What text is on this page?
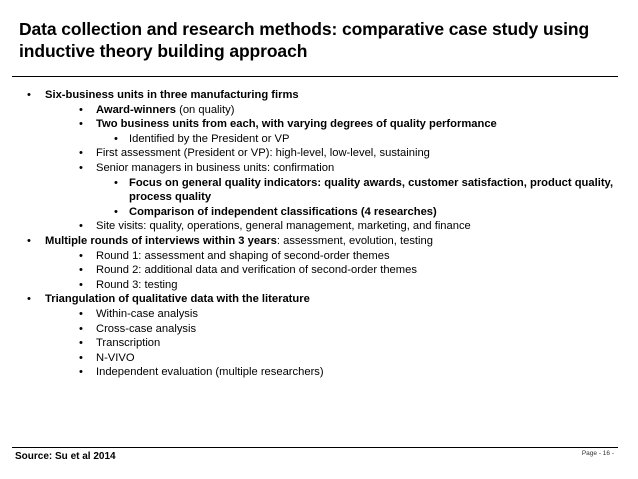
Data collection and research methods: comparative case study using inductive theory building approach
• Six-business units in three manufacturing firms
• Award-winners (on quality)
• Two business units from each, with varying degrees of quality performance
• Identified by the President or VP
• First assessment (President or VP): high-level, low-level, sustaining
• Senior managers in business units: confirmation
• Focus on general quality indicators: quality awards, customer satisfaction, product quality,
process quality
• Comparison of independent classifications (4 researches)
• Site visits: quality, operations, general management, marketing, and finance
• Multiple rounds of interviews within 3 years: assessment, evolution, testing
• Round 1: assessment and shaping of second-order themes
• Round 2: additional data and verification of second-order themes
• Round 3: testing
• Triangulation of qualitative data with the literature
• Within-case analysis
• Cross-case analysis
• Transcription
• N-VIVO
• Independent evaluation (multiple researchers)
Source: Su et al 2014	Page - 16 -
